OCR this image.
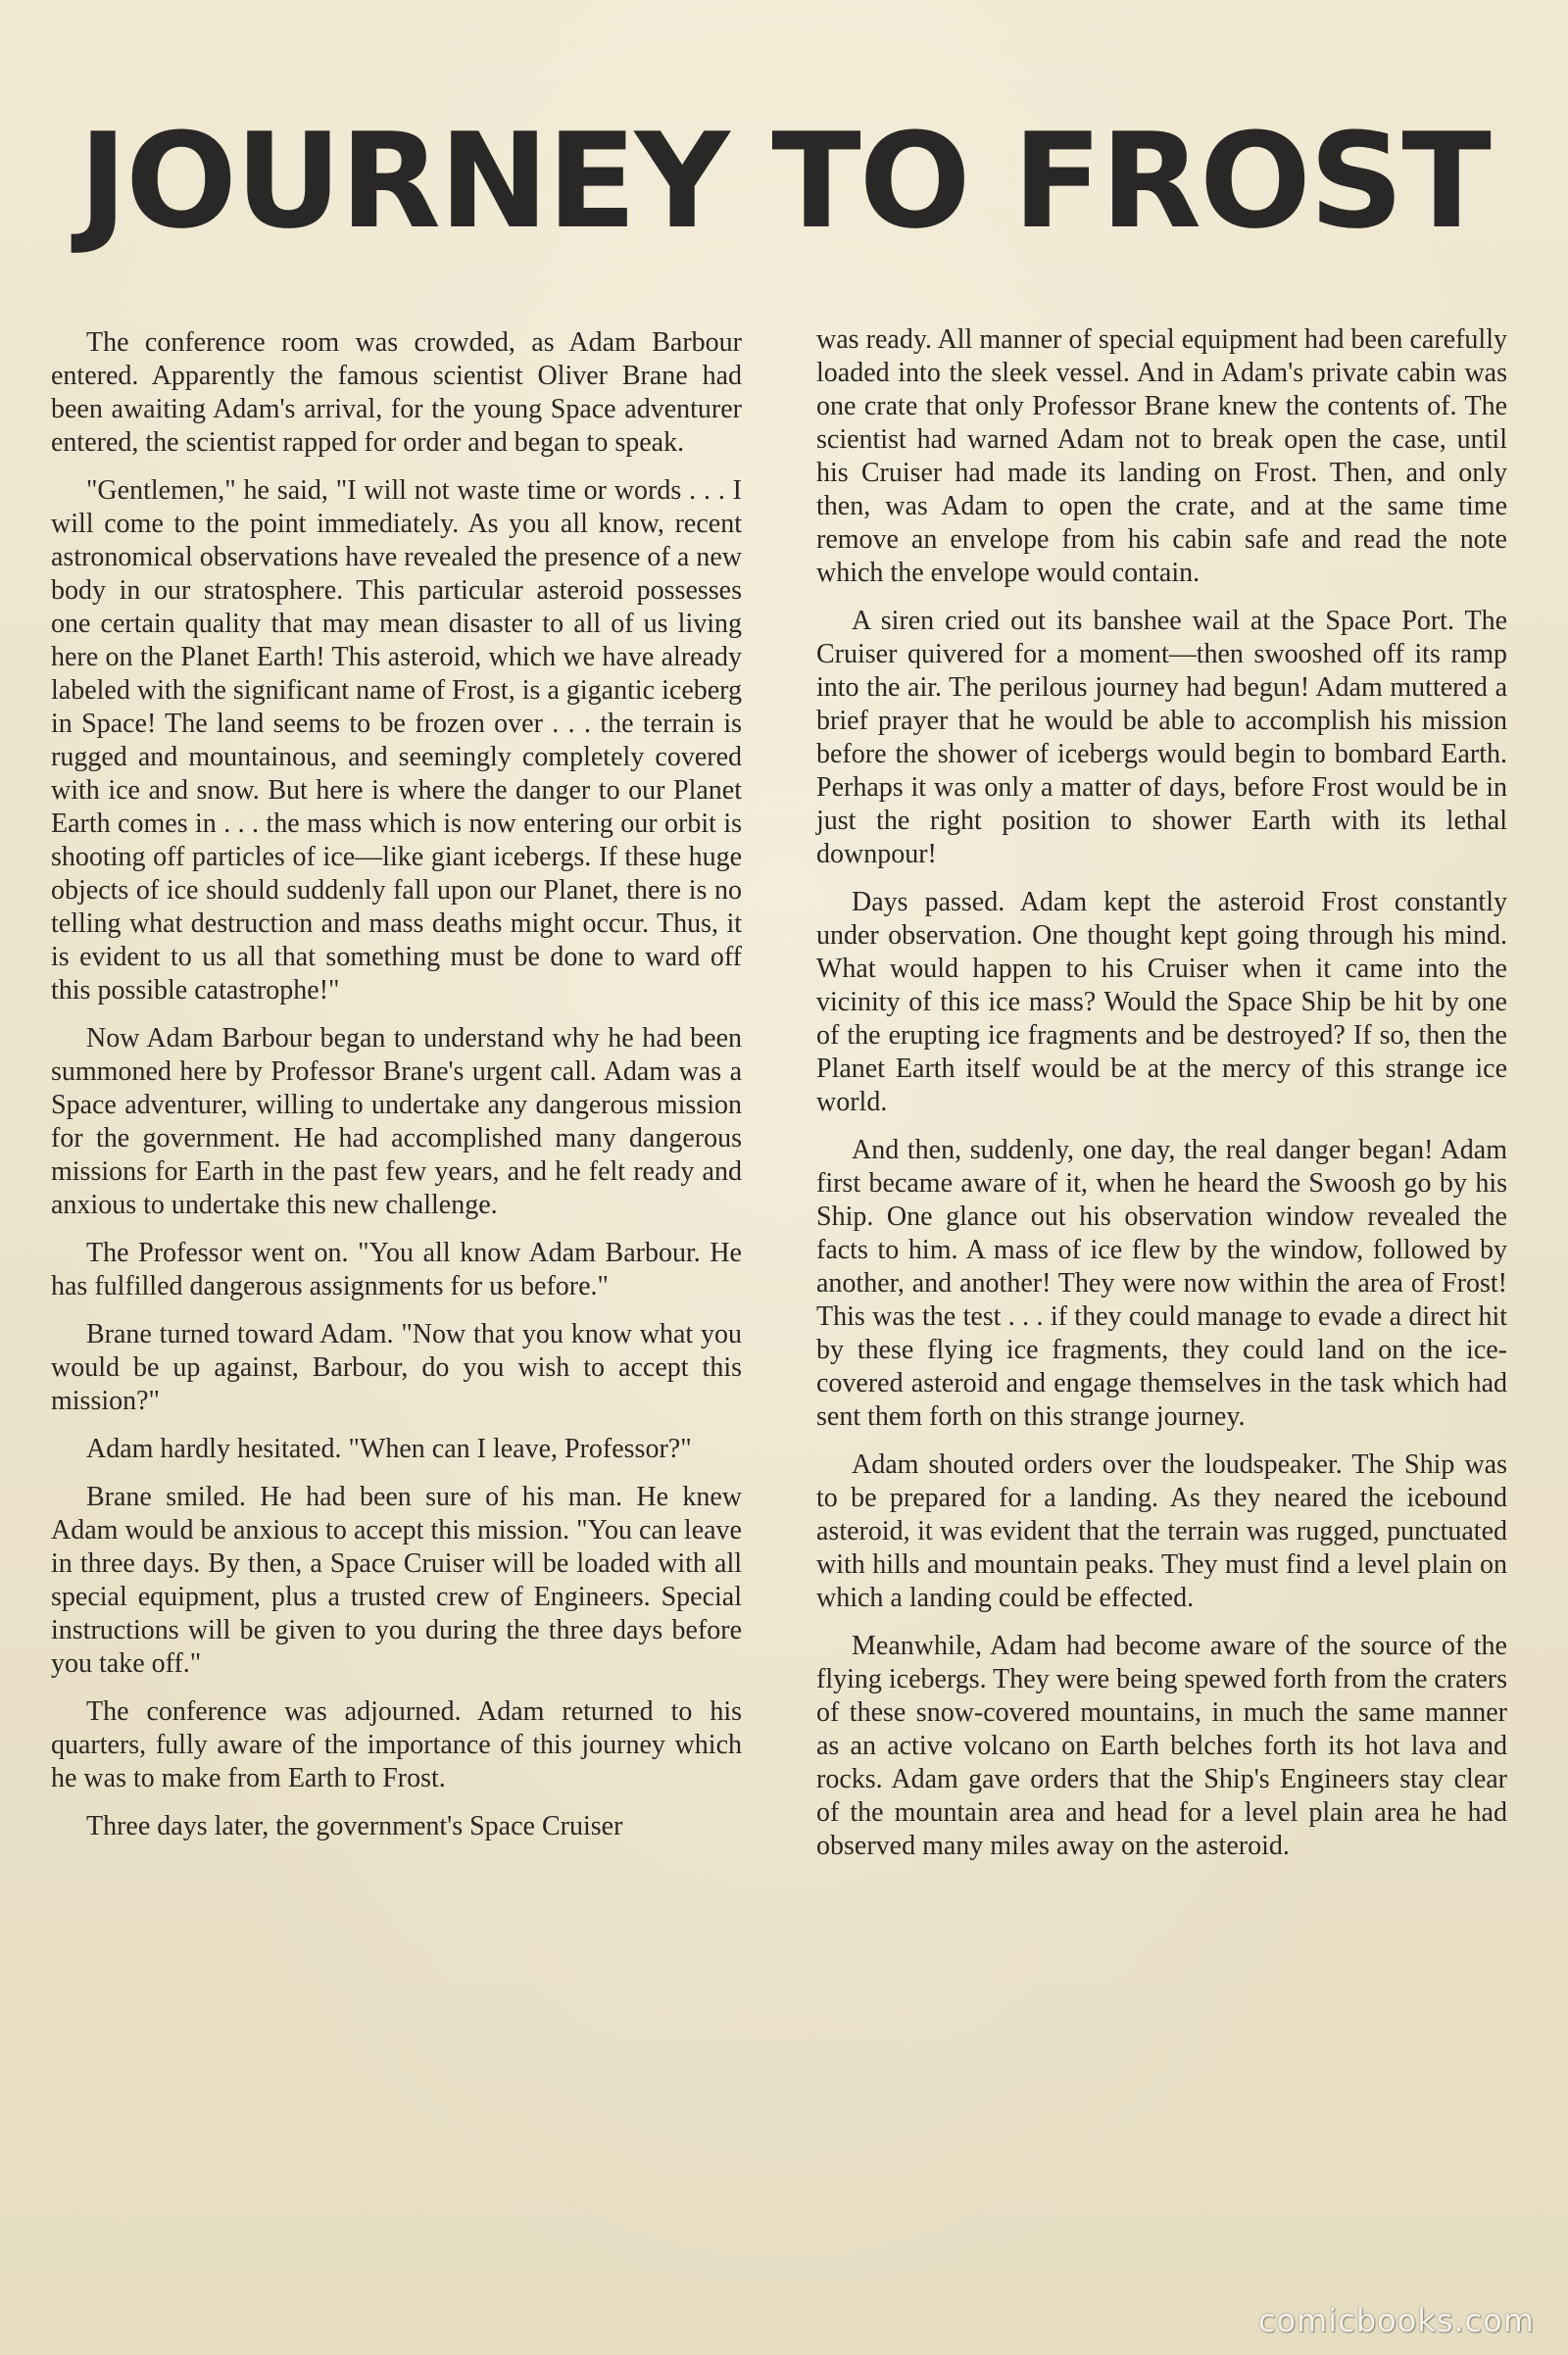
JOURNEY TO FROST

The conference room was crowded, as Adam Barbour entered. Apparently the famous scientist Oliver Brane had been awaiting Adam's arrival, for the young Space adventurer entered, the scientist rapped for order and began to speak.

"Gentlemen," he said, "I will not waste time or words . . . I will come to the point immediately. As you all know, recent astronomical observations have revealed the presence of a new body in our stratosphere. This particular asteroid possesses one certain quality that may mean disaster to all of us living here on the Planet Earth! This asteroid, which we have already labeled with the significant name of Frost, is a gigantic iceberg in Space! The land seems to be frozen over . . . the terrain is rugged and mountainous, and seemingly completely covered with ice and snow. But here is where the danger to our Planet Earth comes in . . . the mass which is now entering our orbit is shooting off particles of ice—like giant icebergs. If these huge objects of ice should suddenly fall upon our Planet, there is no telling what destruction and mass deaths might occur. Thus, it is evident to us all that something must be done to ward off this possible catastrophe!"

Now Adam Barbour began to understand why he had been summoned here by Professor Brane's urgent call. Adam was a Space adventurer, willing to undertake any dangerous mission for the government. He had accomplished many dangerous missions for Earth in the past few years, and he felt ready and anxious to undertake this new challenge.

The Professor went on. "You all know Adam Barbour. He has fulfilled dangerous assignments for us before."

Brane turned toward Adam. "Now that you know what you would be up against, Barbour, do you wish to accept this mission?"

Adam hardly hesitated. "When can I leave, Professor?"

Brane smiled. He had been sure of his man. He knew Adam would be anxious to accept this mission. "You can leave in three days. By then, a Space Cruiser will be loaded with all special equipment, plus a trusted crew of Engineers. Special instructions will be given to you during the three days before you take off."

The conference was adjourned. Adam returned to his quarters, fully aware of the importance of this journey which he was to make from Earth to Frost.

Three days later, the government's Space Cruiser

was ready. All manner of special equipment had been carefully loaded into the sleek vessel. And in Adam's private cabin was one crate that only Professor Brane knew the contents of. The scientist had warned Adam not to break open the case, until his Cruiser had made its landing on Frost. Then, and only then, was Adam to open the crate, and at the same time remove an envelope from his cabin safe and read the note which the envelope would contain.

A siren cried out its banshee wail at the Space Port. The Cruiser quivered for a moment—then swooshed off its ramp into the air. The perilous journey had begun! Adam muttered a brief prayer that he would be able to accomplish his mission before the shower of icebergs would begin to bombard Earth. Perhaps it was only a matter of days, before Frost would be in just the right position to shower Earth with its lethal downpour!

Days passed. Adam kept the asteroid Frost constantly under observation. One thought kept going through his mind. What would happen to his Cruiser when it came into the vicinity of this ice mass? Would the Space Ship be hit by one of the erupting ice fragments and be destroyed? If so, then the Planet Earth itself would be at the mercy of this strange ice world.

And then, suddenly, one day, the real danger began! Adam first became aware of it, when he heard the Swoosh go by his Ship. One glance out his observation window revealed the facts to him. A mass of ice flew by the window, followed by another, and another! They were now within the area of Frost! This was the test . . . if they could manage to evade a direct hit by these flying ice fragments, they could land on the ice-covered asteroid and engage themselves in the task which had sent them forth on this strange journey.

Adam shouted orders over the loudspeaker. The Ship was to be prepared for a landing. As they neared the icebound asteroid, it was evident that the terrain was rugged, punctuated with hills and mountain peaks. They must find a level plain on which a landing could be effected.

Meanwhile, Adam had become aware of the source of the flying icebergs. They were being spewed forth from the craters of these snow-covered mountains, in much the same manner as an active volcano on Earth belches forth its hot lava and rocks. Adam gave orders that the Ship's Engineers stay clear of the mountain area and head for a level plain area he had observed many miles away on the asteroid.

comicbooks.com
